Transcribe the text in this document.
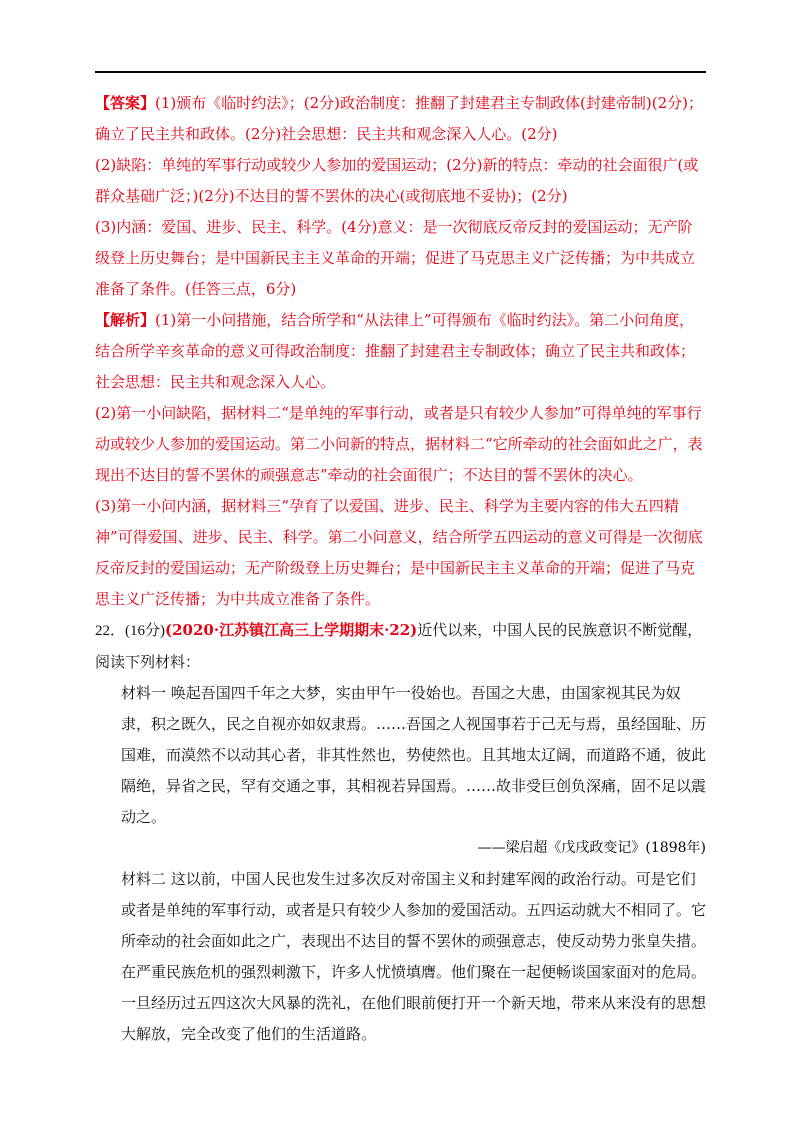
【答案】(1)颁布《临时约法》；(2分)政治制度：推翻了封建君主专制政体(封建帝制)(2分)；确立了民主共和政体。(2分)社会思想：民主共和观念深入人心。(2分)

(2)缺陷：单纯的军事行动或较少人参加的爱国运动；(2分)新的特点：牵动的社会面很广(或群众基础广泛；)(2分)不达目的誓不罢休的决心(或彻底地不妥协)；(2分)

(3)内涵：爱国、进步、民主、科学。(4分)意义：是一次彻底反帝反封的爱国运动；无产阶级登上历史舞台；是中国新民主主义革命的开端；促进了马克思主义广泛传播；为中共成立准备了条件。(任答三点，6分)

【解析】(1)第一小问措施，结合所学和“从法律上”可得颁布《临时约法》。第二小问角度，结合所学辛亥革命的意义可得政治制度：推翻了封建君主专制政体；确立了民主共和政体；社会思想：民主共和观念深入人心。

(2)第一小问缺陷，据材料二“是单纯的军事行动，或者是只有较少人参加”可得单纯的军事行动或较少人参加的爱国运动。第二小问新的特点，据材料二“它所牵动的社会面如此之广，表现出不达目的誓不罢休的顽强意志”牵动的社会面很广；不达目的誓不罢休的决心。

(3)第一小问内涵，据材料三“孕育了以爱国、进步、民主、科学为主要内容的伟大五四精神”可得爱国、进步、民主、科学。第二小问意义，结合所学五四运动的意义可得是一次彻底反帝反封的爱国运动；无产阶级登上历史舞台；是中国新民主主义革命的开端；促进了马克思主义广泛传播；为中共成立准备了条件。

22．(16分)(2020·江苏镇江高三上学期期末·22)近代以来，中国人民的民族意识不断觉醒，阅读下列材料：

材料一 唤起吾国四千年之大梦，实由甲午一役始也。吾国之大患，由国家视其民为奴隶，积之既久，民之自视亦如奴隶焉。……吾国之人视国事若于己无与焉，虽经国耻、历国难，而漠然不以动其心者，非其性然也，势使然也。且其地太辽阔，而道路不通，彼此隔绝，异省之民，罕有交通之事，其相视若异国焉。……故非受巨创负深痛，固不足以震动之。

——梁启超《戊戌政变记》(1898年)

材料二 这以前，中国人民也发生过多次反对帝国主义和封建军阀的政治行动。可是它们或者是单纯的军事行动，或者是只有较少人参加的爱国活动。五四运动就大不相同了。它所牵动的社会面如此之广，表现出不达目的誓不罢休的顽强意志，使反动势力张皇失措。在严重民族危机的强烈刺激下，许多人忧愤填膺。他们聚在一起便畅谈国家面对的危局。一旦经历过五四这次大风暴的洗礼，在他们眼前便打开一个新天地，带来从来没有的思想大解放，完全改变了他们的生活道路。
